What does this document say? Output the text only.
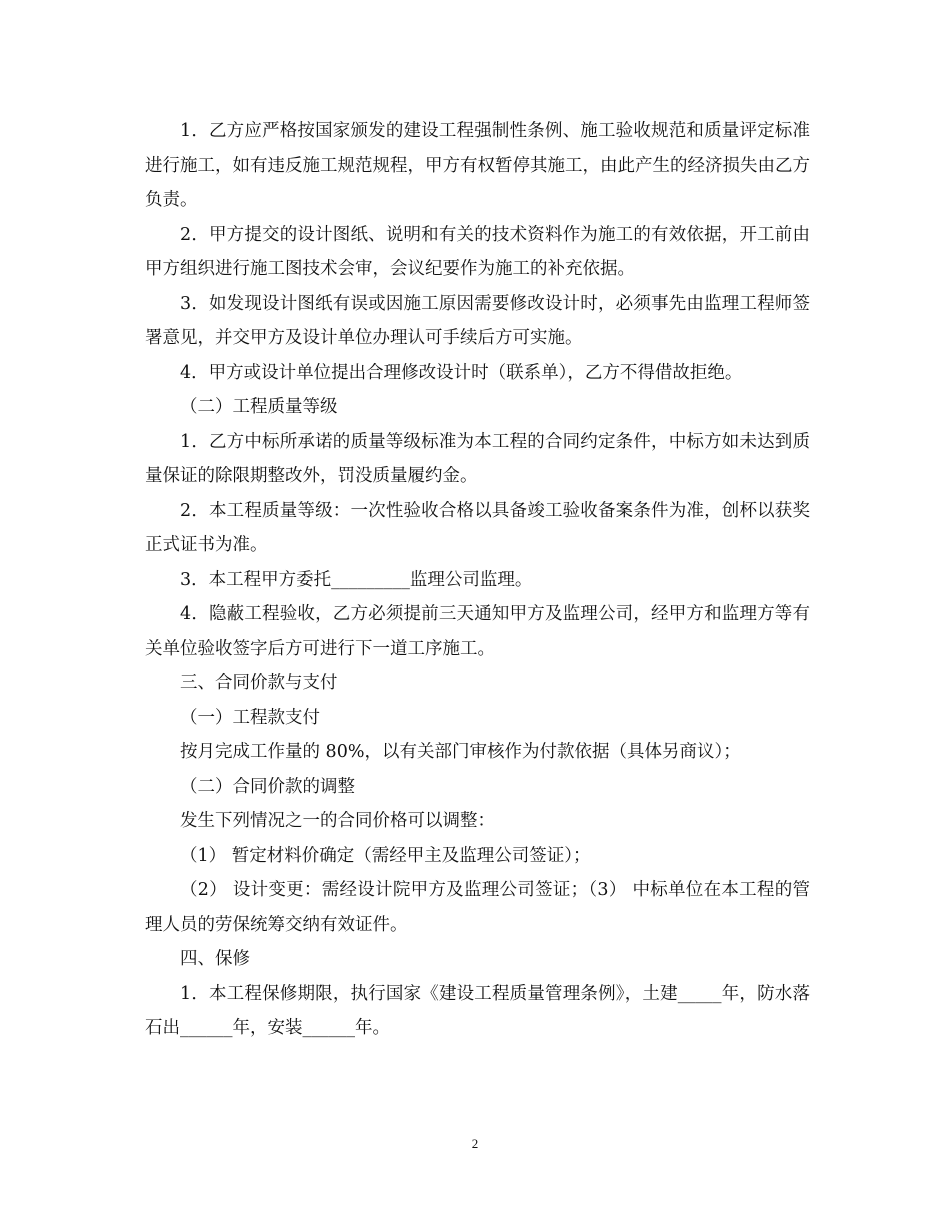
1．乙方应严格按国家颁发的建设工程强制性条例、施工验收规范和质量评定标准进行施工，如有违反施工规范规程，甲方有权暂停其施工，由此产生的经济损失由乙方负责。

2．甲方提交的设计图纸、说明和有关的技术资料作为施工的有效依据，开工前由甲方组织进行施工图技术会审，会议纪要作为施工的补充依据。

3．如发现设计图纸有误或因施工原因需要修改设计时，必须事先由监理工程师签署意见，并交甲方及设计单位办理认可手续后方可实施。

4．甲方或设计单位提出合理修改设计时（联系单），乙方不得借故拒绝。

（二）工程质量等级

1．乙方中标所承诺的质量等级标准为本工程的合同约定条件，中标方如未达到质量保证的除限期整改外，罚没质量履约金。

2．本工程质量等级：一次性验收合格以具备竣工验收备案条件为准，创杯以获奖正式证书为准。

3．本工程甲方委托_________监理公司监理。

4．隐蔽工程验收，乙方必须提前三天通知甲方及监理公司，经甲方和监理方等有关单位验收签字后方可进行下一道工序施工。

三、合同价款与支付

（一）工程款支付

按月完成工作量的 80%，以有关部门审核作为付款依据（具体另商议）；

（二）合同价款的调整

发生下列情况之一的合同价格可以调整：

（1） 暂定材料价确定（需经甲主及监理公司签证）；

（2） 设计变更：需经设计院甲方及监理公司签证；（3） 中标单位在本工程的管理人员的劳保统筹交纳有效证件。

四、保修

1．本工程保修期限，执行国家《建设工程质量管理条例》，土建_____年，防水落石出______年，安装______年。

2
